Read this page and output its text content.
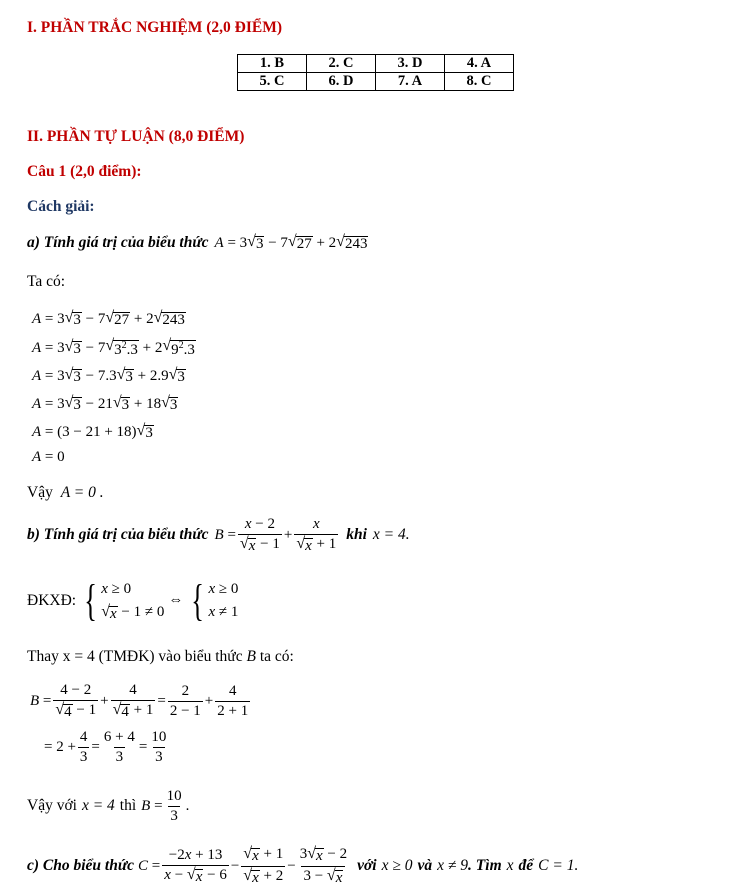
I. PHẦN TRẮC NGHIỆM (2,0 ĐIỂM)
1. B	2. C	3. D	4. A
5. C	6. D	7. A	8. C
II. PHẦN TỰ LUẬN (8,0 ĐIỂM)
Câu 1 (2,0 điểm):
Cách giải:
a) Tính giá trị của biểu thức A = 3 √ 3 − 7 √ 27 + 2 √ 243
Ta có:
A = 3 √ 3 − 7 √ 27 + 2 √ 243
A = 3 √ 3 − 7 √ $3^2.3 + 2$ √ $9^2.3$
A = 3 √ 3 − 7.3 √ 3 + 2.9 √ 3
A = 3 √ 3 − 21 √ 3 + 18 √ 3
A = (3 − 21 + 18) √ 3
A = 0
Vậy A = 0 .
b) Tính giá trị của biểu thức B =
x − 2
√ x − 1
+
x
√ x + 1
khi x = 4.
ĐKXĐ: { x ≥ 0
√ x − 1 ≠ 0
⇔ { x ≥ 0
x ≠ 1
Thay x = 4 (TMĐK) vào biểu thức B ta có:
B =
4 − 2
√ 4 − 1
+
4
√ 4 + 1
=
2
2 − 1
+
4
2 + 1
= 2 +
4
3
=
6 + 4
3
=
10
3
Vậy với x = 4 thì B =
10
3
.
c) Cho biểu thức C =
−2x + 13
x − √ x − 6
−
√ x + 1
√ x + 2
−
3 √ x − 2
3 − √ x
với x ≥ 0 và x ≠ 9 . Tìm x để C = 1.
